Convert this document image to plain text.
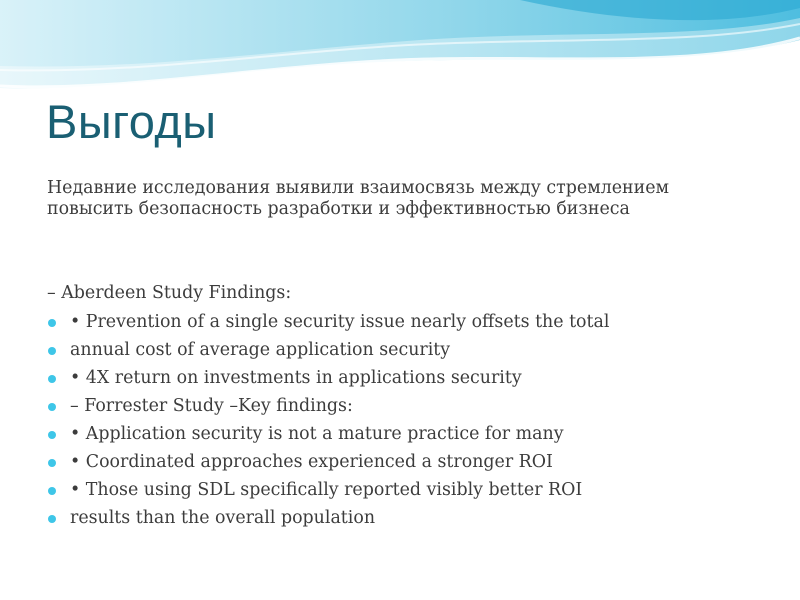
Выгоды
Недавние исследования выявили взаимосвязь между стремлением повысить безопасность разработки и эффективностью бизнеса
– Aberdeen Study Findings:
• Prevention of a single security issue nearly offsets the total
annual cost of average application security
• 4X return on investments in applications security
– Forrester Study –Key findings:
• Application security is not a mature practice for many
• Coordinated approaches experienced a stronger ROI
• Those using SDL specifically reported visibly better ROI
results than the overall population
